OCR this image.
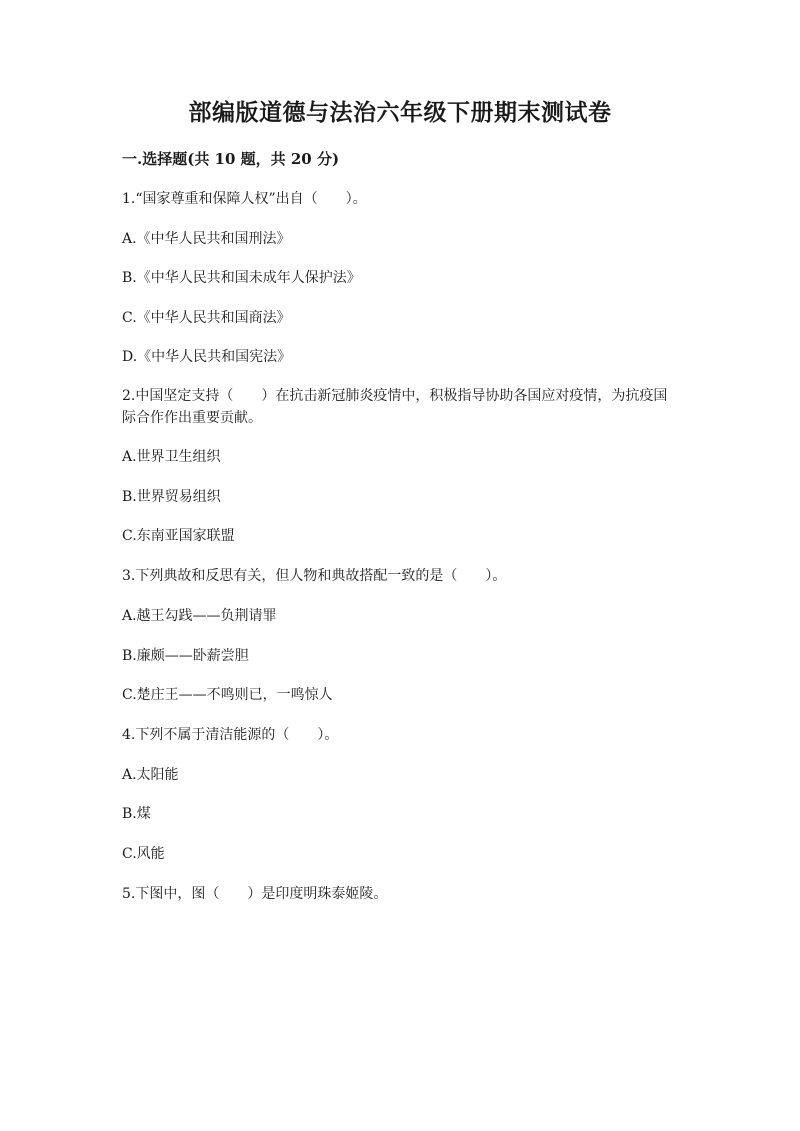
部编版道德与法治六年级下册期末测试卷
一.选择题(共 10 题，共 20 分)
1.“国家尊重和保障人权”出自（　　）。
A.《中华人民共和国刑法》
B.《中华人民共和国未成年人保护法》
C.《中华人民共和国商法》
D.《中华人民共和国宪法》
2.中国坚定支持（　　）在抗击新冠肺炎疫情中，积极指导协助各国应对疫情，为抗疫国际合作作出重要贡献。
A.世界卫生组织
B.世界贸易组织
C.东南亚国家联盟
3.下列典故和反思有关，但人物和典故搭配一致的是（　　）。
A.越王勾践——负荆请罪
B.廉颇——卧薪尝胆
C.楚庄王——不鸣则已，一鸣惊人
4.下列不属于清洁能源的（　　）。
A.太阳能
B.煤
C.风能
5.下图中，图（　　）是印度明珠泰姬陵。
